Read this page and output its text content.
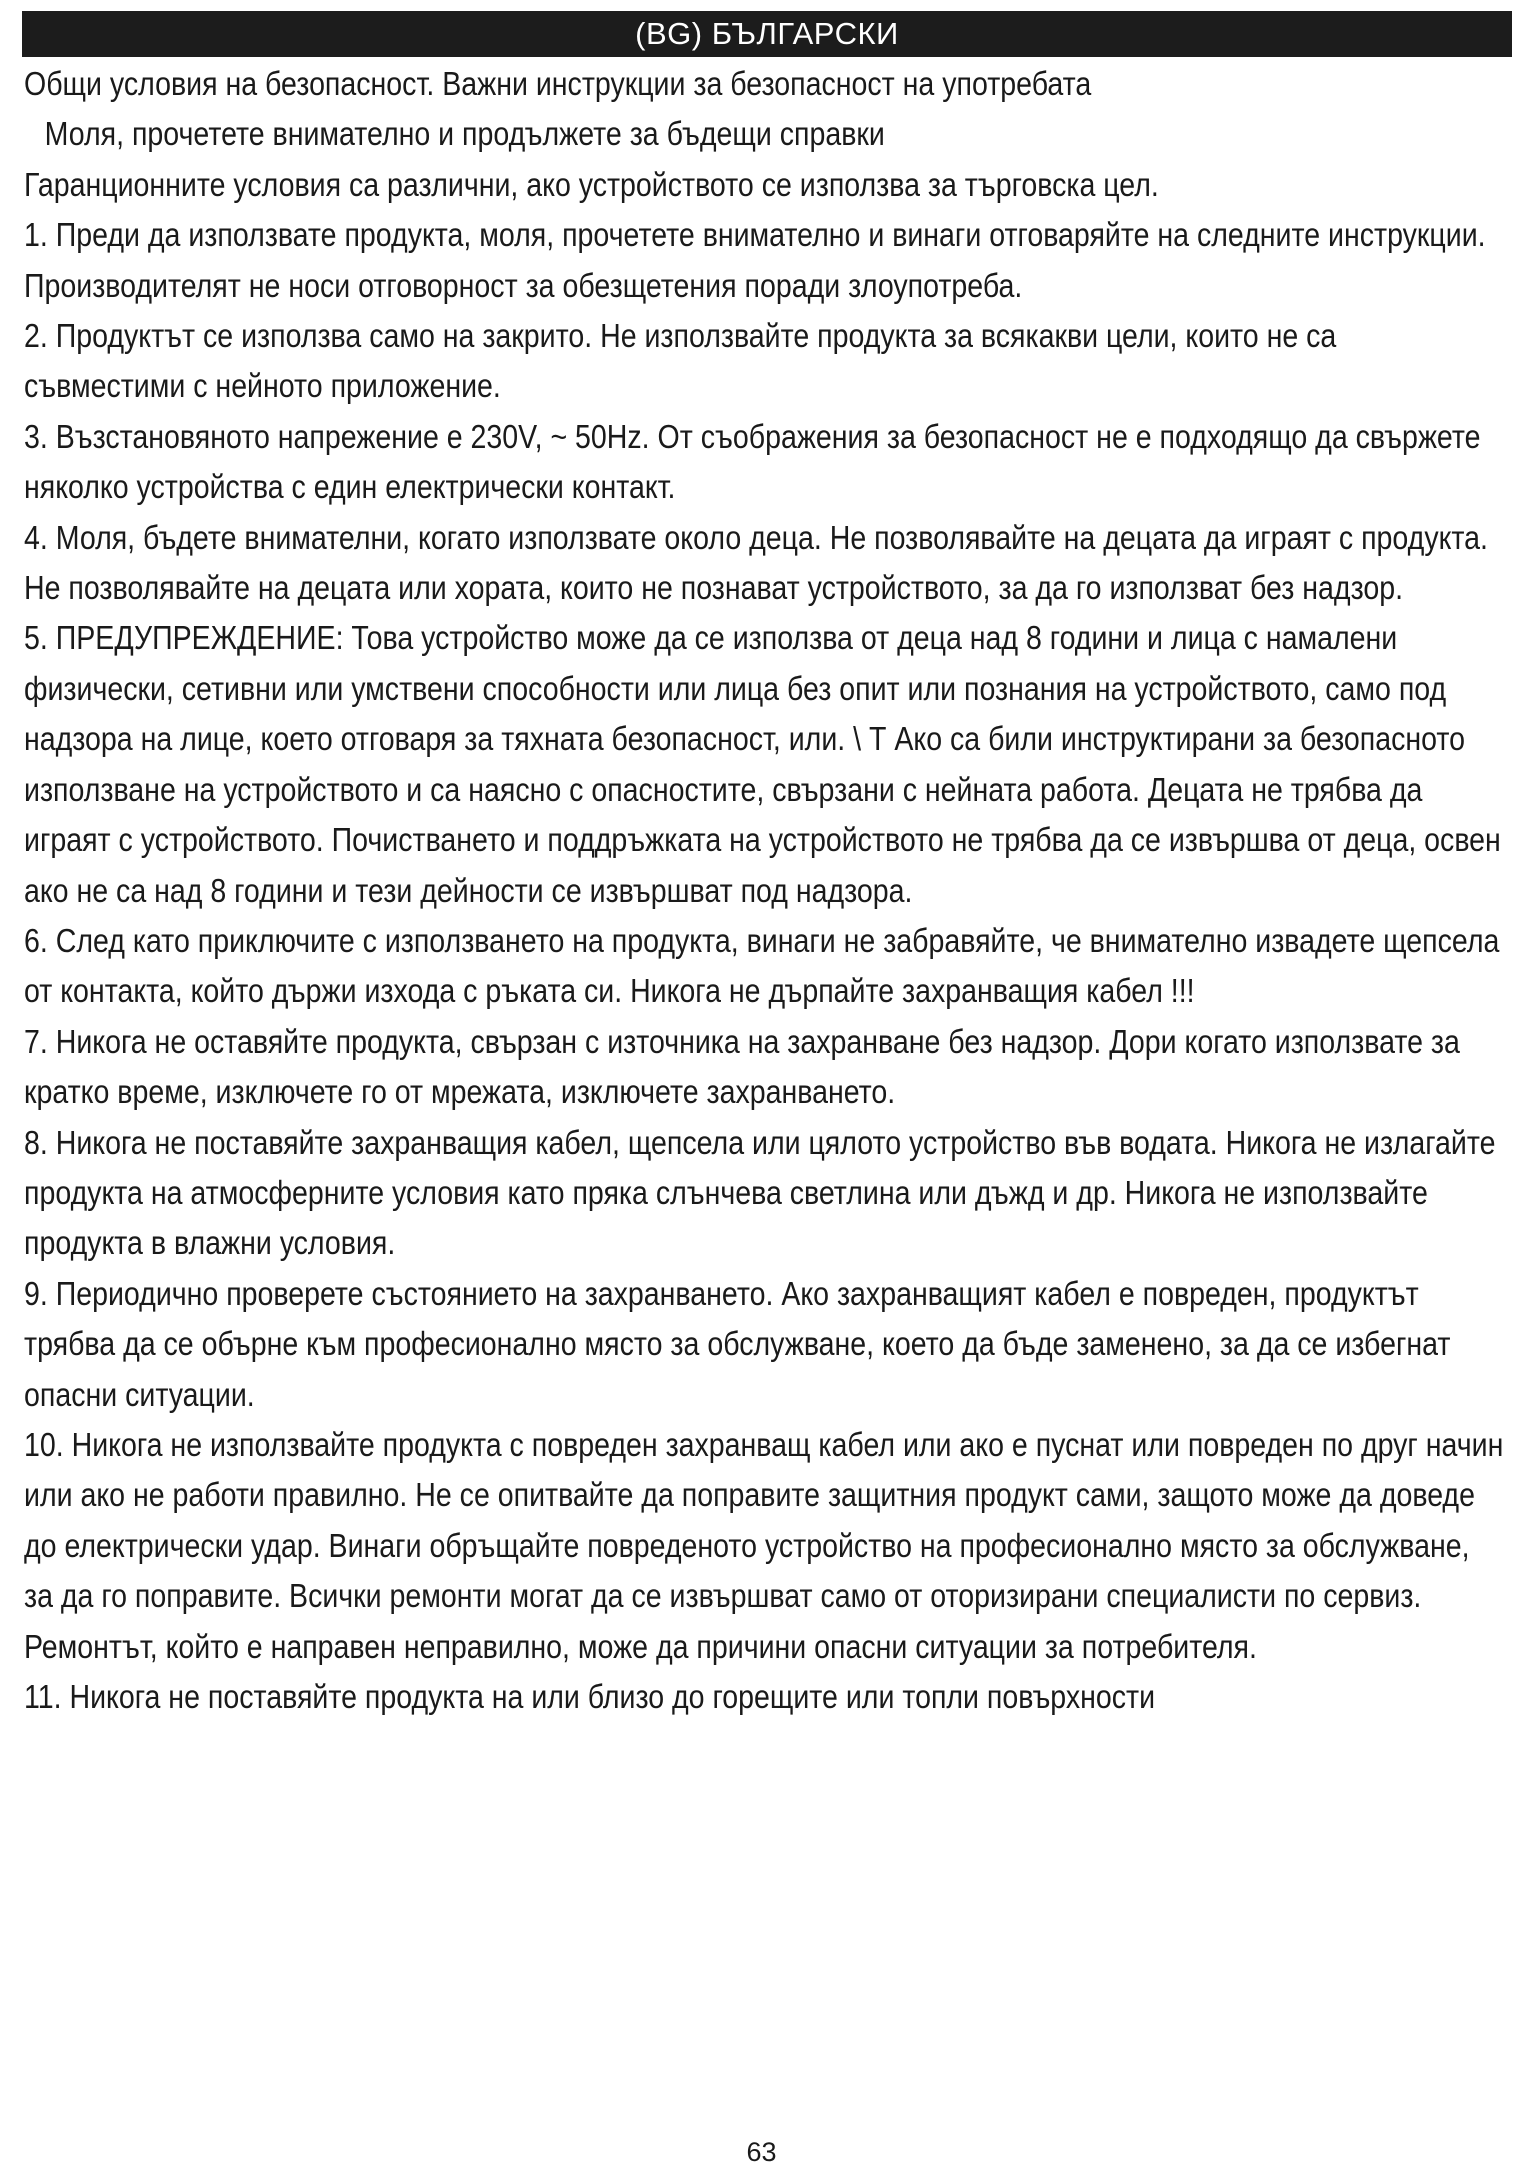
(BG) БЪЛГАРСКИ

Общи условия на безопасност. Важни инструкции за безопасност на употребата

Моля, прочетете внимателно и продължете за бъдещи справки

Гаранционните условия са различни, ако устройството се използва за търговска цел.

1. Преди да използвате продукта, моля, прочетете внимателно и винаги отговаряйте на следните инструкции. Производителят не носи отговорност за обезщетения поради злоупотреба.

2. Продуктът се използва само на закрито. Не използвайте продукта за всякакви цели, които не са съвместими с нейното приложение.

3. Възстановяното напрежение е 230V, ~ 50Hz. От съображения за безопасност не е подходящо да свържете няколко устройства с един електрически контакт.

4. Моля, бъдете внимателни, когато използвате около деца. Не позволявайте на децата да играят с продукта. Не позволявайте на децата или хората, които не познават устройството, за да го използват без надзор.

5. ПРЕДУПРЕЖДЕНИЕ: Това устройство може да се използва от деца над 8 години и лица с намалени физически, сетивни или умствени способности или лица без опит или познания на устройството, само под надзора на лице, което отговаря за тяхната безопасност, или. \ Т Ако са били инструктирани за безопасното използване на устройството и са наясно с опасностите, свързани с нейната работа. Децата не трябва да играят с устройството. Почистването и поддръжката на устройството не трябва да се извършва от деца, освен ако не са над 8 години и тези дейности се извършват под надзора.

6. След като приключите с използването на продукта, винаги не забравяйте, че внимателно извадете щепсела от контакта, който държи изхода с ръката си. Никога не дърпайте захранващия кабел !!!

7. Никога не оставяйте продукта, свързан с източника на захранване без надзор. Дори когато използвате за кратко време, изключете го от мрежата, изключете захранването.

8. Никога не поставяйте захранващия кабел, щепсела или цялото устройство във водата. Никога не излагайте продукта на атмосферните условия като пряка слънчева светлина или дъжд и др. Никога не използвайте продукта в влажни условия.

9. Периодично проверете състоянието на захранването. Ако захранващият кабел е повреден, продуктът трябва да се обърне към професионално място за обслужване, което да бъде заменено, за да се избегнат опасни ситуации.

10. Никога не използвайте продукта с повреден захранващ кабел или ако е пуснат или повреден по друг начин или ако не работи правилно. Не се опитвайте да поправите защитния продукт сами, защото може да доведе до електрически удар. Винаги обръщайте повреденото устройство на професионално място за обслужване, за да го поправите. Всички ремонти могат да се извършват само от оторизирани специалисти по сервиз. Ремонтът, който е направен неправилно, може да причини опасни ситуации за потребителя.

11. Никога не поставяйте продукта на или близо до горещите или топли повърхности

63
